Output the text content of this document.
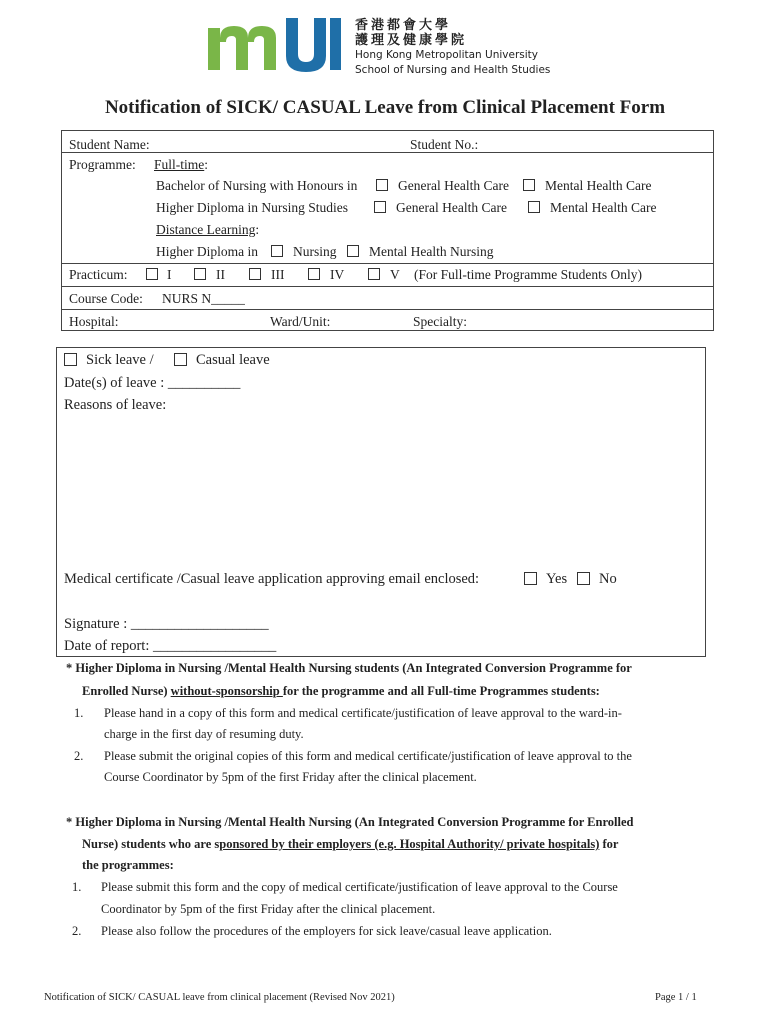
香港都會大學
護理及健康學院
Hong Kong Metropolitan University
School of Nursing and Health Studies
Notification of SICK/ CASUAL Leave from Clinical Placement Form
Student Name:	Student No.:
Programme: Full-time:
Bachelor of Nursing with Honours in	General Health Care	Mental Health Care
Higher Diploma in Nursing Studies	General Health Care	Mental Health Care
Distance Learning:
Higher Diploma in	Nursing Mental Health Nursing
Practicum:	I	II	III	IV	V (For Full-time Programme Students Only)
Course Code: NURS N_____
Hospital:	Ward/Unit:	Specialty:
Sick leave /	Casual leave
Date(s) of leave : __________
Reasons of leave:
Medical certificate /Casual leave application approving email enclosed:	Yes No
Signature : ___________________
Date of report: _________________
* Higher Diploma in Nursing /Mental Health Nursing students (An Integrated Conversion Programme for
Enrolled Nurse) without-sponsorship for the programme and all Full-time Programmes students:
1. Please hand in a copy of this form and medical certificate/justification of leave approval to the ward-in-
charge in the first day of resuming duty.
2. Please submit the original copies of this form and medical certificate/justification of leave approval to the
Course Coordinator by 5pm of the first Friday after the clinical placement.
* Higher Diploma in Nursing /Mental Health Nursing (An Integrated Conversion Programme for Enrolled
Nurse) students who are sponsored by their employers (e.g. Hospital Authority/ private hospitals) for
the programmes:
1. Please submit this form and the copy of medical certificate/justification of leave approval to the Course
Coordinator by 5pm of the first Friday after the clinical placement.
2. Please also follow the procedures of the employers for sick leave/casual leave application.
Notification of SICK/ CASUAL leave from clinical placement (Revised Nov 2021)	Page 1 / 1
